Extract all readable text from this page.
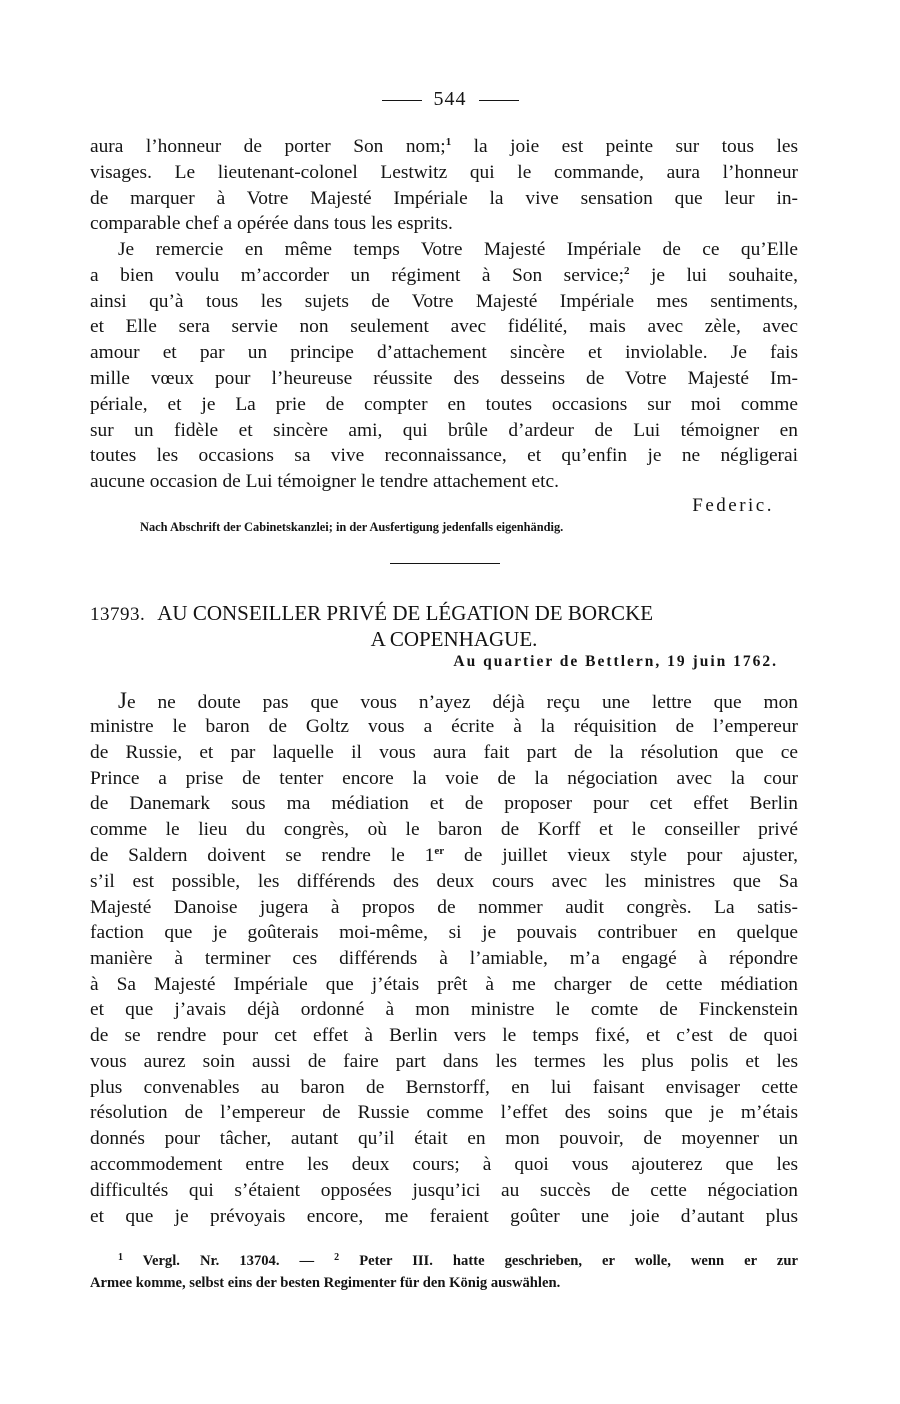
544
aura l’honneur de porter Son nom;$^1$ la joie est peinte sur tous les
visages. Le lieutenant-colonel Lestwitz qui le commande, aura l’honneur
de marquer à Votre Majesté Impériale la vive sensation que leur in-
comparable chef a opérée dans tous les esprits.
Je remercie en même temps Votre Majesté Impériale de ce qu’Elle
a bien voulu m’accorder un régiment à Son service;$^2$ je lui souhaite,
ainsi qu’à tous les sujets de Votre Majesté Impériale mes sentiments,
et Elle sera servie non seulement avec fidélité, mais avec zèle, avec
amour et par un principe d’attachement sincère et inviolable. Je fais
mille vœux pour l’heureuse réussite des desseins de Votre Majesté Im-
périale, et je La prie de compter en toutes occasions sur moi comme
sur un fidèle et sincère ami, qui brûle d’ardeur de Lui témoigner en
toutes les occasions sa vive reconnaissance, et qu’enfin je ne négligerai
aucune occasion de Lui témoigner le tendre attachement etc.
Federic.
Nach Abschrift der Cabinetskanzlei; in der Ausfertigung jedenfalls eigenhändig.
13793. AU CONSEILLER PRIVÉ DE LÉGATION DE BORCKE
A COPENHAGUE.
Au quartier de Bettlern, 19 juin 1762.
Je ne doute pas que vous n’ayez déjà reçu une lettre que mon
ministre le baron de Goltz vous a écrite à la réquisition de l’empereur
de Russie, et par laquelle il vous aura fait part de la résolution que ce
Prince a prise de tenter encore la voie de la négociation avec la cour
de Danemark sous ma médiation et de proposer pour cet effet Berlin
comme le lieu du congrès, où le baron de Korff et le conseiller privé
de Saldern doivent se rendre le 1er de juillet vieux style pour ajuster,
s’il est possible, les différends des deux cours avec les ministres que Sa
Majesté Danoise jugera à propos de nommer audit congrès. La satis-
faction que je goûterais moi-même, si je pouvais contribuer en quelque
manière à terminer ces différends à l’amiable, m’a engagé à répondre
à Sa Majesté Impériale que j’étais prêt à me charger de cette médiation
et que j’avais déjà ordonné à mon ministre le comte de Finckenstein
de se rendre pour cet effet à Berlin vers le temps fixé, et c’est de quoi
vous aurez soin aussi de faire part dans les termes les plus polis et les
plus convenables au baron de Bernstorff, en lui faisant envisager cette
résolution de l’empereur de Russie comme l’effet des soins que je m’étais
donnés pour tâcher, autant qu’il était en mon pouvoir, de moyenner un
accommodement entre les deux cours; à quoi vous ajouterez que les
difficultés qui s’étaient opposées jusqu’ici au succès de cette négociation
et que je prévoyais encore, me feraient goûter une joie d’autant plus
$^1$ Vergl. Nr. 13704. — $^2$ Peter III. hatte geschrieben, er wolle, wenn er zur
Armee komme, selbst eins der besten Regimenter für den König auswählen.
